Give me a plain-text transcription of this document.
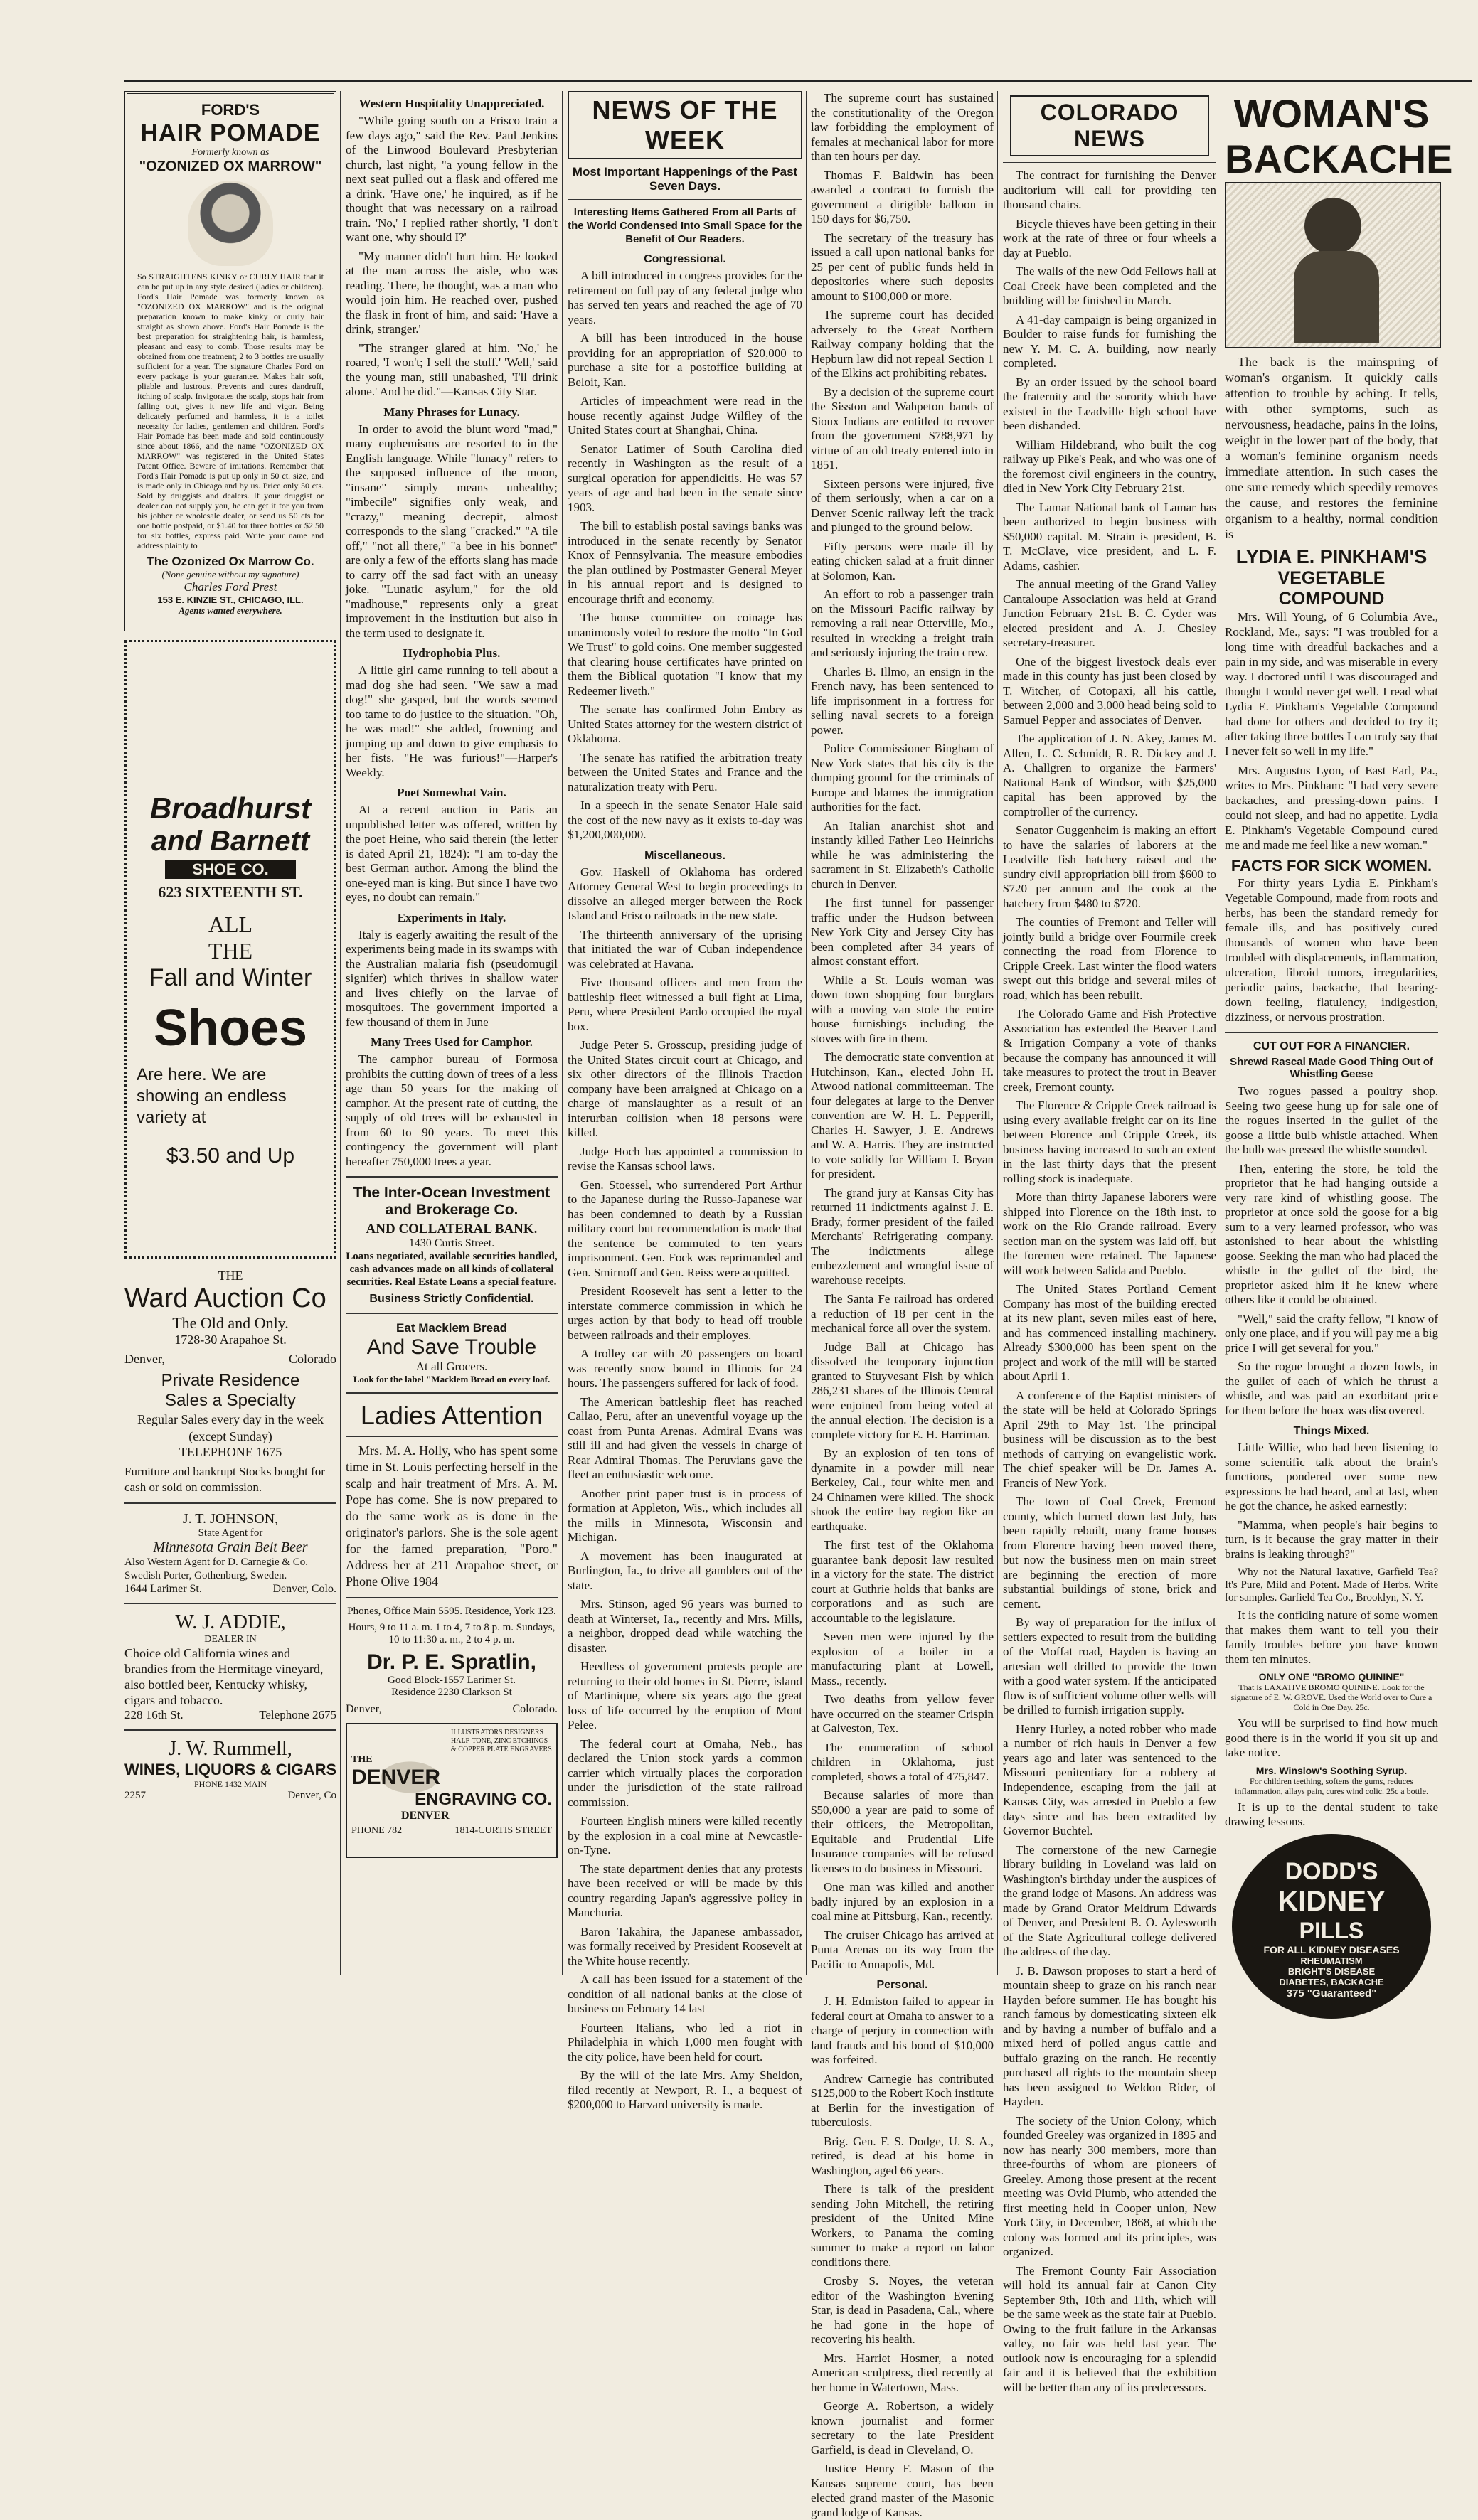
FORD'S
HAIR POMADE
Formerly known as
"OZONIZED OX MARROW"
So STRAIGHTENS KINKY or CURLY HAIR that it can be put up in any style desired (ladies or children). Ford's Hair Pomade was formerly known as "OZONIZED OX MARROW" and is the original preparation known to make kinky or curly hair straight as shown above. Ford's Hair Pomade is the best preparation for straightening hair, is harmless, pleasant and easy to comb. Those results may be obtained from one treatment; 2 to 3 bottles are usually sufficient for a year. The signature Charles Ford on every package is your guarantee. Makes hair soft, pliable and lustrous. Prevents and cures dandruff, itching of scalp. Invigorates the scalp, stops hair from falling out, gives it new life and vigor. Being delicately perfumed and harmless, it is a toilet necessity for ladies, gentlemen and children. Ford's Hair Pomade has been made and sold continuously since about 1866, and the name "OZONIZED OX MARROW" was registered in the United States Patent Office. Beware of imitations. Remember that Ford's Hair Pomade is put up only in 50 ct. size, and is made only in Chicago and by us. Price only 50 cts. Sold by druggists and dealers. If your druggist or dealer can not supply you, he can get it for you from his jobber or wholesale dealer, or send us 50 cts for one bottle postpaid, or $1.40 for three bottles or $2.50 for six bottles, express paid. Write your name and address plainly to
The Ozonized Ox Marrow Co.
(None genuine without my signature)
Charles Ford Prest
153 E. KINZIE ST., CHICAGO, ILL.
Agents wanted everywhere.
Broadhurst
and Barnett
SHOE CO.
623 SIXTEENTH ST.
ALL
THE
Fall and Winter
Shoes
Are here. We are showing an endless variety at
$3.50 and Up
THE
Ward Auction Co
The Old and Only.
1728-30 Arapahoe St.
Denver,	Colorado
Private Residence
Sales a Specialty
Regular Sales every day in the week (except Sunday)
TELEPHONE 1675
Furniture and bankrupt Stocks bought for cash or sold on commission.
J. T. JOHNSON,
State Agent for
Minnesota Grain Belt Beer
Also Western Agent for D. Carnegie & Co. Swedish Porter, Gothenburg, Sweden.
1644 Larimer St.	Denver, Colo.
W. J. ADDIE,
DEALER IN
Choice old California wines and brandies from the Hermitage vineyard, also bottled beer, Kentucky whisky, cigars and tobacco.
228 16th St.	Telephone 2675
J. W. Rummell,
WINES, LIQUORS & CIGARS
PHONE 1432 MAIN
2257	Denver, Co
Western Hospitality Unappreciated.

"While going south on a Frisco train a few days ago," said the Rev. Paul Jenkins of the Linwood Boulevard Presbyterian church, last night, "a young fellow in the next seat pulled out a flask and offered me a drink. 'Have one,' he inquired, as if he thought that was necessary on a railroad train. 'No,' I replied rather shortly, 'I don't want one, why should I?'

"My manner didn't hurt him. He looked at the man across the aisle, who was reading. There, he thought, was a man who would join him. He reached over, pushed the flask in front of him, and said: 'Have a drink, stranger.'

"The stranger glared at him. 'No,' he roared, 'I won't; I sell the stuff.' 'Well,' said the young man, still unabashed, 'I'll drink alone.' And he did."—Kansas City Star.

Many Phrases for Lunacy.

In order to avoid the blunt word "mad," many euphemisms are resorted to in the English language. While "lunacy" refers to the supposed influence of the moon, "insane" simply means unhealthy; "imbecile" signifies only weak, and "crazy," meaning decrepit, almost corresponds to the slang "cracked." "A tile off," "not all there," "a bee in his bonnet" are only a few of the efforts slang has made to carry off the sad fact with an uneasy joke. "Lunatic asylum," for the old "madhouse," represents only a great improvement in the institution but also in the term used to designate it.

Hydrophobia Plus.

A little girl came running to tell about a mad dog she had seen. "We saw a mad dog!" she gasped, but the words seemed too tame to do justice to the situation. "Oh, he was mad!" she added, frowning and jumping up and down to give emphasis to her fists. "He was furious!"—Harper's Weekly.

Poet Somewhat Vain.

At a recent auction in Paris an unpublished letter was offered, written by the poet Heine, who said therein (the letter is dated April 21, 1824): "I am to-day the best German author. Among the blind the one-eyed man is king. But since I have two eyes, no doubt can remain."

Experiments in Italy.

Italy is eagerly awaiting the result of the experiments being made in its swamps with the Australian malaria fish (pseudomugil signifer) which thrives in shallow water and lives chiefly on the larvae of mosquitoes. The government imported a few thousand of them in June

Many Trees Used for Camphor.

The camphor bureau of Formosa prohibits the cutting down of trees of a less age than 50 years for the making of camphor. At the present rate of cutting, the supply of old trees will be exhausted in from 60 to 90 years. To meet this contingency the government will plant hereafter 750,000 trees a year.

The Inter-Ocean Investment and Brokerage Co.
AND COLLATERAL BANK.
1430 Curtis Street.
Loans negotiated, available securities handled, cash advances made on all kinds of collateral securities. Real Estate Loans a special feature.
Business Strictly Confidential.
Eat Macklem Bread
And Save Trouble
At all Grocers.
Look for the label "Macklem Bread on every loaf.
Ladies Attention

Mrs. M. A. Holly, who has spent some time in St. Louis perfecting herself in the scalp and hair treatment of Mrs. A. M. Pope has come. She is now prepared to do the same work as is done in the originator's parlors. She is the sole agent for the famed preparation, "Poro." Address her at 211 Arapahoe street, or Phone Olive 1984

Phones, Office Main 5595. Residence, York 123.
Hours, 9 to 11 a. m. 1 to 4, 7 to 8 p. m. Sundays, 10 to 11:30 a. m., 2 to 4 p. m.
Dr. P. E. Spratlin,
Good Block-1557 Larimer St.
Residence 2230 Clarkson St
Denver,	Colorado.
ILLUSTRATORS DESIGNERS HALF-TONE, ZINC ETCHINGS & COPPER PLATE ENGRAVERS
THE
DENVER
ENGRAVING CO.
DENVER
PHONE 782	1814-CURTIS STREET
NEWS OF THE WEEK
Most Important Happenings of the Past Seven Days.
Interesting Items Gathered From all Parts of the World Condensed Into Small Space for the Benefit of Our Readers.
Congressional.

A bill introduced in congress provides for the retirement on full pay of any federal judge who has served ten years and reached the age of 70 years.

A bill has been introduced in the house providing for an appropriation of $20,000 to purchase a site for a postoffice building at Beloit, Kan.

Articles of impeachment were read in the house recently against Judge Wilfley of the United States court at Shanghai, China.

Senator Latimer of South Carolina died recently in Washington as the result of a surgical operation for appendicitis. He was 57 years of age and had been in the senate since 1903.

The bill to establish postal savings banks was introduced in the senate recently by Senator Knox of Pennsylvania. The measure embodies the plan outlined by Postmaster General Meyer in his annual report and is designed to encourage thrift and economy.

The house committee on coinage has unanimously voted to restore the motto "In God We Trust" to gold coins. One member suggested that clearing house certificates have printed on them the Biblical quotation "I know that my Redeemer liveth."

The senate has confirmed John Embry as United States attorney for the western district of Oklahoma.

The senate has ratified the arbitration treaty between the United States and France and the naturalization treaty with Peru.

In a speech in the senate Senator Hale said the cost of the new navy as it exists to-day was $1,200,000,000.

Miscellaneous.

Gov. Haskell of Oklahoma has ordered Attorney General West to begin proceedings to dissolve an alleged merger between the Rock Island and Frisco railroads in the new state.

The thirteenth anniversary of the uprising that initiated the war of Cuban independence was celebrated at Havana.

Five thousand officers and men from the battleship fleet witnessed a bull fight at Lima, Peru, where President Pardo occupied the royal box.

Judge Peter S. Grosscup, presiding judge of the United States circuit court at Chicago, and six other directors of the Illinois Traction company have been arraigned at Chicago on a charge of manslaughter as a result of an interurban collision when 18 persons were killed.

Judge Hoch has appointed a commission to revise the Kansas school laws.

Gen. Stoessel, who surrendered Port Arthur to the Japanese during the Russo-Japanese war has been condemned to death by a Russian military court but recommendation is made that the sentence be commuted to ten years imprisonment. Gen. Fock was reprimanded and Gen. Smirnoff and Gen. Reiss were acquitted.

President Roosevelt has sent a letter to the interstate commerce commission in which he urges action by that body to head off trouble between railroads and their employes.

A trolley car with 20 passengers on board was recently snow bound in Illinois for 24 hours. The passengers suffered for lack of food.

The American battleship fleet has reached Callao, Peru, after an uneventful voyage up the coast from Punta Arenas. Admiral Evans was still ill and had given the vessels in charge of Rear Admiral Thomas. The Peruvians gave the fleet an enthusiastic welcome.

Another print paper trust is in process of formation at Appleton, Wis., which includes all the mills in Minnesota, Wisconsin and Michigan.

A movement has been inaugurated at Burlington, Ia., to drive all gamblers out of the state.

Mrs. Stinson, aged 96 years was burned to death at Winterset, Ia., recently and Mrs. Mills, a neighbor, dropped dead while watching the disaster.

Heedless of government protests people are returning to their old homes in St. Pierre, island of Martinique, where six years ago the great loss of life occurred by the eruption of Mont Pelee.

The federal court at Omaha, Neb., has declared the Union stock yards a common carrier which virtually places the corporation under the jurisdiction of the state railroad commission.

Fourteen English miners were killed recently by the explosion in a coal mine at Newcastle-on-Tyne.

The state department denies that any protests have been received or will be made by this country regarding Japan's aggressive policy in Manchuria.

Baron Takahira, the Japanese ambassador, was formally received by President Roosevelt at the White house recently.

A call has been issued for a statement of the condition of all national banks at the close of business on February 14 last

Fourteen Italians, who led a riot in Philadelphia in which 1,000 men fought with the city police, have been held for court.

By the will of the late Mrs. Amy Sheldon, filed recently at Newport, R. I., a bequest of $200,000 to Harvard university is made.

The supreme court has sustained the constitutionality of the Oregon law forbidding the employment of females at mechanical labor for more than ten hours per day.

Thomas F. Baldwin has been awarded a contract to furnish the government a dirigible balloon in 150 days for $6,750.

The secretary of the treasury has issued a call upon national banks for 25 per cent of public funds held in depositories where such deposits amount to $100,000 or more.

The supreme court has decided adversely to the Great Northern Railway company holding that the Hepburn law did not repeal Section 1 of the Elkins act prohibiting rebates.

By a decision of the supreme court the Sisston and Wahpeton bands of Sioux Indians are entitled to recover from the government $788,971 by virtue of an old treaty entered into in 1851.

Sixteen persons were injured, five of them seriously, when a car on a Denver Scenic railway left the track and plunged to the ground below.

Fifty persons were made ill by eating chicken salad at a fruit dinner at Solomon, Kan.

An effort to rob a passenger train on the Missouri Pacific railway by removing a rail near Otterville, Mo., resulted in wrecking a freight train and seriously injuring the train crew.

Charles B. Illmo, an ensign in the French navy, has been sentenced to life imprisonment in a fortress for selling naval secrets to a foreign power.

Police Commissioner Bingham of New York states that his city is the dumping ground for the criminals of Europe and blames the immigration authorities for the fact.

An Italian anarchist shot and instantly killed Father Leo Heinrichs while he was administering the sacrament in St. Elizabeth's Catholic church in Denver.

The first tunnel for passenger traffic under the Hudson between New York City and Jersey City has been completed after 34 years of almost constant effort.

While a St. Louis woman was down town shopping four burglars with a moving van stole the entire house furnishings including the stoves with fire in them.

The democratic state convention at Hutchinson, Kan., elected John H. Atwood national committeeman. The four delegates at large to the Denver convention are W. H. L. Pepperill, Charles H. Sawyer, J. E. Andrews and W. A. Harris. They are instructed to vote solidly for William J. Bryan for president.

The grand jury at Kansas City has returned 11 indictments against J. E. Brady, former president of the failed Merchants' Refrigerating company. The indictments allege embezzlement and wrongful issue of warehouse receipts.

The Santa Fe railroad has ordered a reduction of 18 per cent in the mechanical force all over the system.

Judge Ball at Chicago has dissolved the temporary injunction granted to Stuyvesant Fish by which 286,231 shares of the Illinois Central were enjoined from being voted at the annual election. The decision is a complete victory for E. H. Harriman.

By an explosion of ten tons of dynamite in a powder mill near Berkeley, Cal., four white men and 24 Chinamen were killed. The shock shook the entire bay region like an earthquake.

The first test of the Oklahoma guarantee bank deposit law resulted in a victory for the state. The district court at Guthrie holds that banks are corporations and as such are accountable to the legislature.

Seven men were injured by the explosion of a boiler in a manufacturing plant at Lowell, Mass., recently.

Two deaths from yellow fever have occurred on the steamer Crispin at Galveston, Tex.

The enumeration of school children in Oklahoma, just completed, shows a total of 475,847.

Because salaries of more than $50,000 a year are paid to some of their officers, the Metropolitan, Equitable and Prudential Life Insurance companies will be refused licenses to do business in Missouri.

One man was killed and another badly injured by an explosion in a coal mine at Pittsburg, Kan., recently.

The cruiser Chicago has arrived at Punta Arenas on its way from the Pacific to Annapolis, Md.

Personal.

J. H. Edmiston failed to appear in federal court at Omaha to answer to a charge of perjury in connection with land frauds and his bond of $10,000 was forfeited.

Andrew Carnegie has contributed $125,000 to the Robert Koch institute at Berlin for the investigation of tuberculosis.

Brig. Gen. F. S. Dodge, U. S. A., retired, is dead at his home in Washington, aged 66 years.

There is talk of the president sending John Mitchell, the retiring president of the United Mine Workers, to Panama the coming summer to make a report on labor conditions there.

Crosby S. Noyes, the veteran editor of the Washington Evening Star, is dead in Pasadena, Cal., where he had gone in the hope of recovering his health.

Mrs. Harriet Hosmer, a noted American sculptress, died recently at her home in Watertown, Mass.

George A. Robertson, a widely known journalist and former secretary to the late President Garfield, is dead in Cleveland, O.

Justice Henry F. Mason of the Kansas supreme court, has been elected grand master of the Masonic grand lodge of Kansas.

COLORADO NEWS

The contract for furnishing the Denver auditorium will call for providing ten thousand chairs.

Bicycle thieves have been getting in their work at the rate of three or four wheels a day at Pueblo.

The walls of the new Odd Fellows hall at Coal Creek have been completed and the building will be finished in March.

A 41-day campaign is being organized in Boulder to raise funds for furnishing the new Y. M. C. A. building, now nearly completed.

By an order issued by the school board the fraternity and the sorority which have existed in the Leadville high school have been disbanded.

William Hildebrand, who built the cog railway up Pike's Peak, and who was one of the foremost civil engineers in the country, died in New York City February 21st.

The Lamar National bank of Lamar has been authorized to begin business with $50,000 capital. M. Strain is president, B. T. McClave, vice president, and L. F. Adams, cashier.

The annual meeting of the Grand Valley Cantaloupe Association was held at Grand Junction February 21st. B. C. Cyder was elected president and A. J. Chesley secretary-treasurer.

One of the biggest livestock deals ever made in this county has just been closed by T. Witcher, of Cotopaxi, all his cattle, between 2,000 and 3,000 head being sold to Samuel Pepper and associates of Denver.

The application of J. N. Akey, James M. Allen, L. C. Schmidt, R. R. Dickey and J. A. Challgren to organize the Farmers' National Bank of Windsor, with $25,000 capital has been approved by the comptroller of the currency.

Senator Guggenheim is making an effort to have the salaries of laborers at the Leadville fish hatchery raised and the sundry civil appropriation bill from $600 to $720 per annum and the cook at the hatchery from $480 to $720.

The counties of Fremont and Teller will jointly build a bridge over Fourmile creek connecting the road from Florence to Cripple Creek. Last winter the flood waters swept out this bridge and several miles of road, which has been rebuilt.

The Colorado Game and Fish Protective Association has extended the Beaver Land & Irrigation Company a vote of thanks because the company has announced it will take measures to protect the trout in Beaver creek, Fremont county.

The Florence & Cripple Creek railroad is using every available freight car on its line between Florence and Cripple Creek, its business having increased to such an extent in the last thirty days that the present rolling stock is inadequate.

More than thirty Japanese laborers were shipped into Florence on the 18th inst. to work on the Rio Grande railroad. Every section man on the system was laid off, but the foremen were retained. The Japanese will work between Salida and Pueblo.

The United States Portland Cement Company has most of the building erected at its new plant, seven miles east of here, and has commenced installing machinery. Already $300,000 has been spent on the project and work of the mill will be started about April 1.

A conference of the Baptist ministers of the state will be held at Colorado Springs April 29th to May 1st. The principal business will be discussion as to the best methods of carrying on evangelistic work. The chief speaker will be Dr. James A. Francis of New York.

The town of Coal Creek, Fremont county, which burned down last July, has been rapidly rebuilt, many frame houses from Florence having been moved there, but now the business men on main street are beginning the erection of more substantial buildings of stone, brick and cement.

By way of preparation for the influx of settlers expected to result from the building of the Moffat road, Hayden is having an artesian well drilled to provide the town with a good water system. If the anticipated flow is of sufficient volume other wells will be drilled to furnish irrigation supply.

Henry Hurley, a noted robber who made a number of rich hauls in Denver a few years ago and later was sentenced to the Missouri penitentiary for a robbery at Independence, escaping from the jail at Kansas City, was arrested in Pueblo a few days since and has been extradited by Governor Buchtel.

The cornerstone of the new Carnegie library building in Loveland was laid on Washington's birthday under the auspices of the grand lodge of Masons. An address was made by Grand Orator Meldrum Edwards of Denver, and President B. O. Aylesworth of the State Agricultural college delivered the address of the day.

J. B. Dawson proposes to start a herd of mountain sheep to graze on his ranch near Hayden before summer. He has bought his ranch famous by domesticating sixteen elk and by having a number of buffalo and a mixed herd of polled angus cattle and buffalo grazing on the ranch. He recently purchased all rights to the mountain sheep has been assigned to Weldon Rider, of Hayden.

The society of the Union Colony, which founded Greeley was organized in 1895 and now has nearly 300 members, more than three-fourths of whom are pioneers of Greeley. Among those present at the recent meeting was Ovid Plumb, who attended the first meeting held in Cooper union, New York City, in December, 1868, at which the colony was formed and its principles, was organized.

The Fremont County Fair Association will hold its annual fair at Canon City September 9th, 10th and 11th, which will be the same week as the state fair at Pueblo. Owing to the fruit failure in the Arkansas valley, no fair was held last year. The outlook now is encouraging for a splendid fair and it is believed that the exhibition will be better than any of its predecessors.

WOMAN'S
BACKACHE

The back is the mainspring of woman's organism. It quickly calls attention to trouble by aching. It tells, with other symptoms, such as nervousness, headache, pains in the loins, weight in the lower part of the body, that a woman's feminine organism needs immediate attention. In such cases the one sure remedy which speedily removes the cause, and restores the feminine organism to a healthy, normal condition is

LYDIA E. PINKHAM'S
VEGETABLE COMPOUND

Mrs. Will Young, of 6 Columbia Ave., Rockland, Me., says: "I was troubled for a long time with dreadful backaches and a pain in my side, and was miserable in every way. I doctored until I was discouraged and thought I would never get well. I read what Lydia E. Pinkham's Vegetable Compound had done for others and decided to try it; after taking three bottles I can truly say that I never felt so well in my life."

Mrs. Augustus Lyon, of East Earl, Pa., writes to Mrs. Pinkham: "I had very severe backaches, and pressing-down pains. I could not sleep, and had no appetite. Lydia E. Pinkham's Vegetable Compound cured me and made me feel like a new woman."

FACTS FOR SICK WOMEN.

For thirty years Lydia E. Pinkham's Vegetable Compound, made from roots and herbs, has been the standard remedy for female ills, and has positively cured thousands of women who have been troubled with displacements, inflammation, ulceration, fibroid tumors, irregularities, periodic pains, backache, that bearing-down feeling, flatulency, indigestion, dizziness, or nervous prostration.

CUT OUT FOR A FINANCIER.
Shrewd Rascal Made Good Thing Out of Whistling Geese

Two rogues passed a poultry shop. Seeing two geese hung up for sale one of the rogues inserted in the gullet of the goose a little bulb whistle attached. When the bulb was pressed the whistle sounded.

Then, entering the store, he told the proprietor that he had hanging outside a very rare kind of whistling goose. The proprietor at once sold the goose for a big sum to a very learned professor, who was astonished to hear about the whistling goose. Seeking the man who had placed the whistle in the gullet of the bird, the proprietor asked him if he knew where others like it could be obtained.

"Well," said the crafty fellow, "I know of only one place, and if you will pay me a big price I will get several for you."

So the rogue brought a dozen fowls, in the gullet of each of which he thrust a whistle, and was paid an exorbitant price for them before the hoax was discovered.

Things Mixed.

Little Willie, who had been listening to some scientific talk about the brain's functions, pondered over some new expressions he had heard, and at last, when he got the chance, he asked earnestly:

"Mamma, when people's hair begins to turn, is it because the gray matter in their brains is leaking through?"

Why not the Natural laxative, Garfield Tea? It's Pure, Mild and Potent. Made of Herbs. Write for samples. Garfield Tea Co., Brooklyn, N. Y.

It is the confiding nature of some women that makes them want to tell you their family troubles before you have known them ten minutes.

ONLY ONE "BROMO QUININE"
That is LAXATIVE BROMO QUININE. Look for the signature of E. W. GROVE. Used the World over to Cure a Cold in One Day. 25c.

You will be surprised to find how much good there is in the world if you sit up and take notice.

Mrs. Winslow's Soothing Syrup.
For children teething, softens the gums, reduces inflammation, allays pain, cures wind colic. 25c a bottle.

It is up to the dental student to take drawing lessons.

DODD'S
KIDNEY
PILLS
FOR ALL KIDNEY DISEASES
RHEUMATISM
BRIGHT'S DISEASE
DIABETES, BACKACHE
375 "Guaranteed"
